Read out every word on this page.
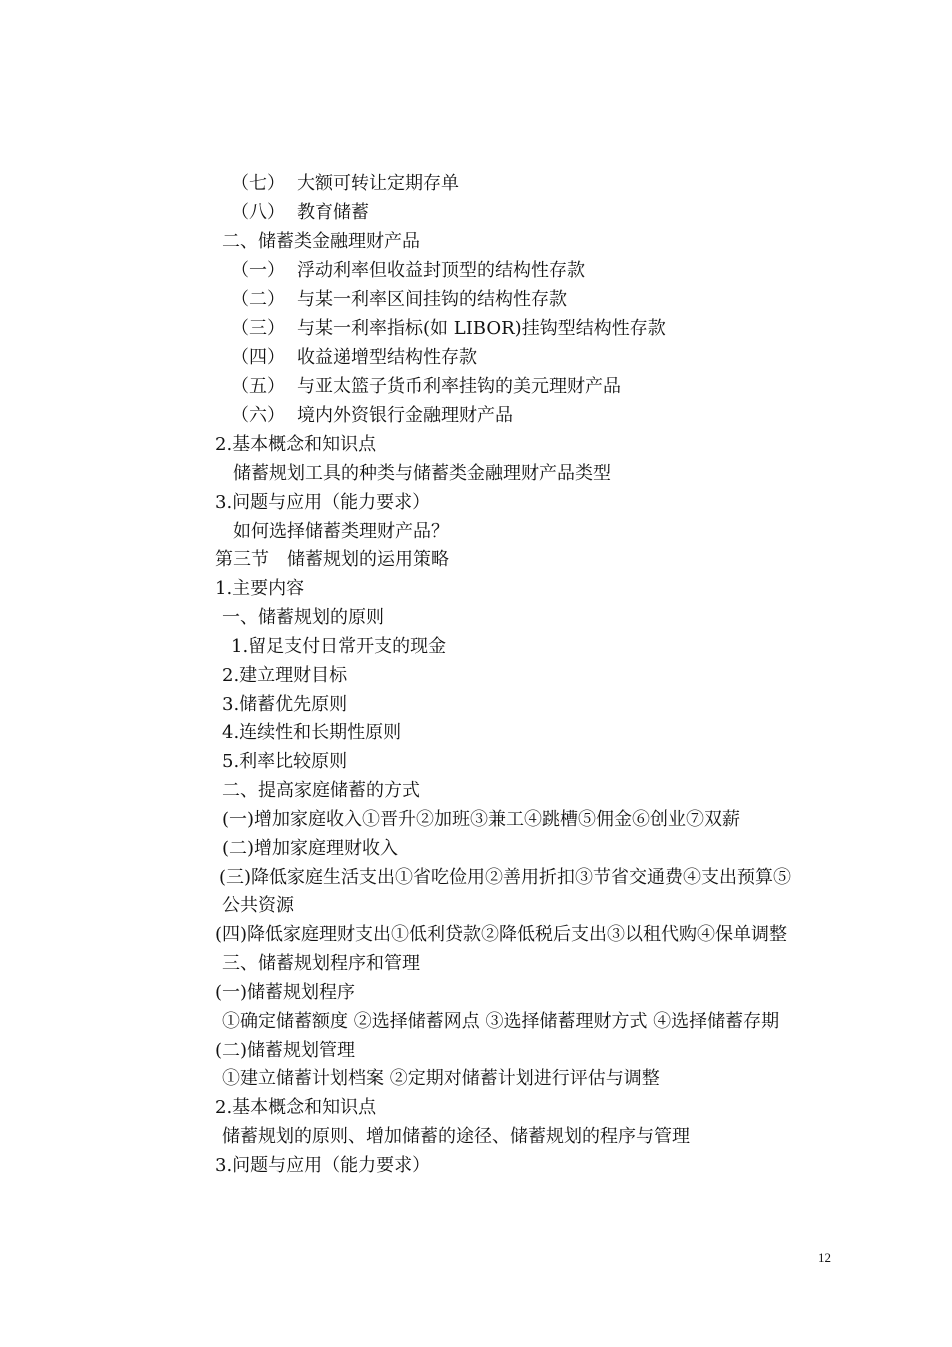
（七） 大额可转让定期存单
（八） 教育储蓄
二、储蓄类金融理财产品
（一） 浮动利率但收益封顶型的结构性存款
（二） 与某一利率区间挂钩的结构性存款
（三） 与某一利率指标(如 LIBOR)挂钩型结构性存款
（四） 收益递增型结构性存款
（五） 与亚太篮子货币利率挂钩的美元理财产品
（六） 境内外资银行金融理财产品
2.基本概念和知识点
储蓄规划工具的种类与储蓄类金融理财产品类型
3.问题与应用（能力要求）
如何选择储蓄类理财产品？
第三节　储蓄规划的运用策略
1.主要内容
一、储蓄规划的原则
1.留足支付日常开支的现金
2.建立理财目标
3.储蓄优先原则
4.连续性和长期性原则
5.利率比较原则
二、提高家庭储蓄的方式
(一)增加家庭收入①晋升②加班③兼工④跳槽⑤佣金⑥创业⑦双薪
(二)增加家庭理财收入
(三)降低家庭生活支出①省吃俭用②善用折扣③节省交通费④支出预算⑤
公共资源
(四)降低家庭理财支出①低利贷款②降低税后支出③以租代购④保单调整
三、储蓄规划程序和管理
(一)储蓄规划程序
①确定储蓄额度 ②选择储蓄网点 ③选择储蓄理财方式 ④选择储蓄存期
(二)储蓄规划管理
①建立储蓄计划档案 ②定期对储蓄计划进行评估与调整
2.基本概念和知识点
储蓄规划的原则、增加储蓄的途径、储蓄规划的程序与管理
3.问题与应用（能力要求）
12
